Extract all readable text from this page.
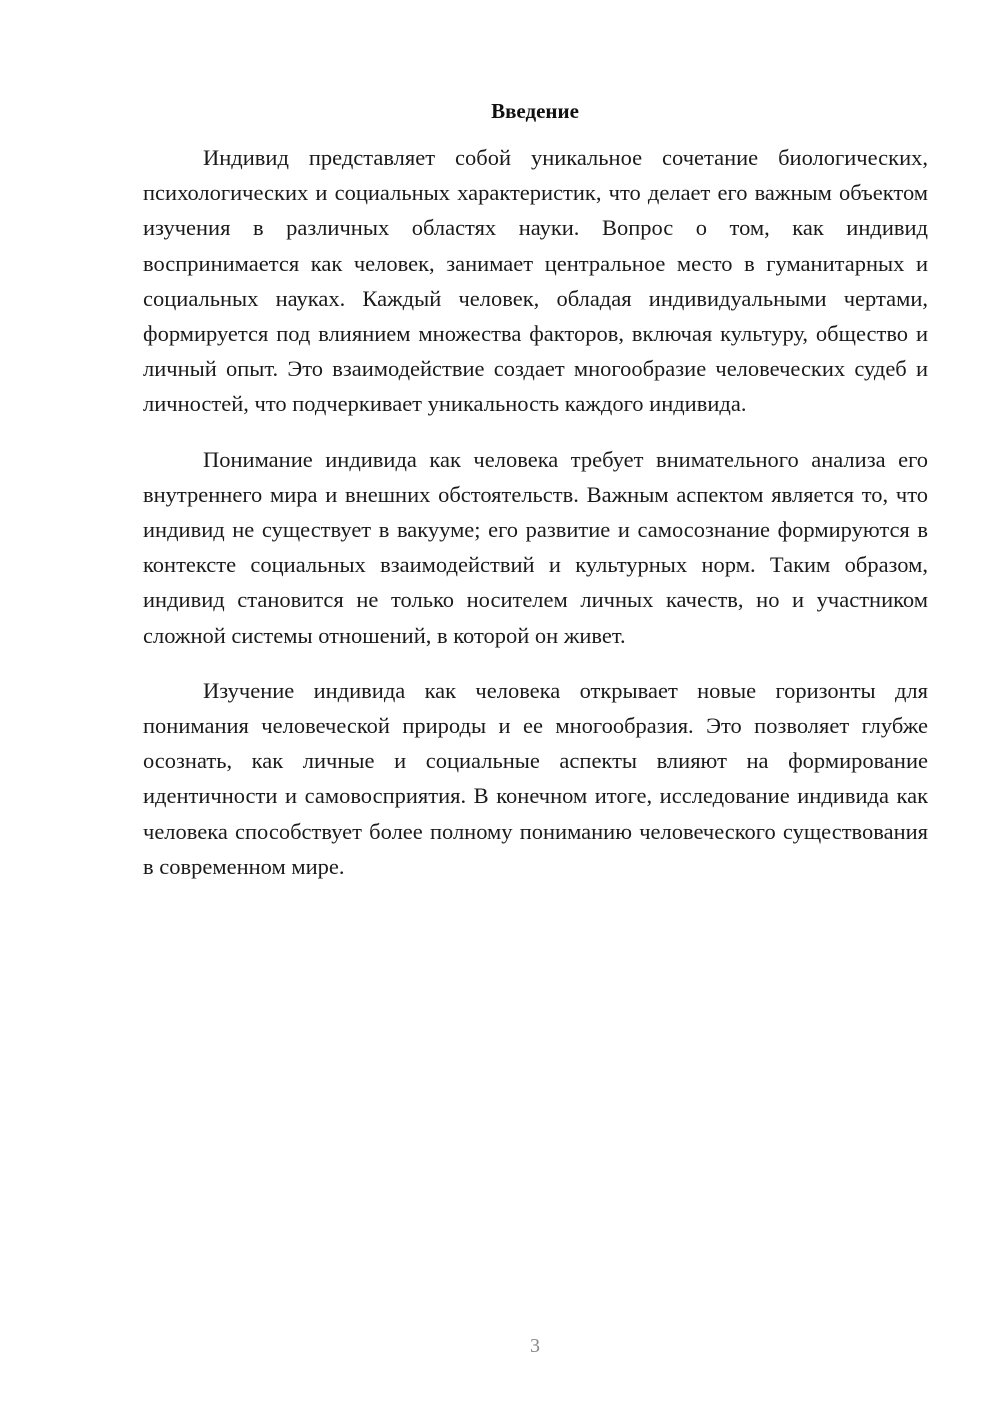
Введение

Индивид представляет собой уникальное сочетание биологических, психологических и социальных характеристик, что делает его важным объектом изучения в различных областях науки. Вопрос о том, как индивид воспринимается как человек, занимает центральное место в гуманитарных и социальных науках. Каждый человек, обладая индивидуальными чертами, формируется под влиянием множества факторов, включая культуру, общество и личный опыт. Это взаимодействие создает многообразие человеческих судеб и личностей, что подчеркивает уникальность каждого индивида.

Понимание индивида как человека требует внимательного анализа его внутреннего мира и внешних обстоятельств. Важным аспектом является то, что индивид не существует в вакууме; его развитие и самосознание формируются в контексте социальных взаимодействий и культурных норм. Таким образом, индивид становится не только носителем личных качеств, но и участником сложной системы отношений, в которой он живет.

Изучение индивида как человека открывает новые горизонты для понимания человеческой природы и ее многообразия. Это позволяет глубже осознать, как личные и социальные аспекты влияют на формирование идентичности и самовосприятия. В конечном итоге, исследование индивида как человека способствует более полному пониманию человеческого существования в современном мире.

3
